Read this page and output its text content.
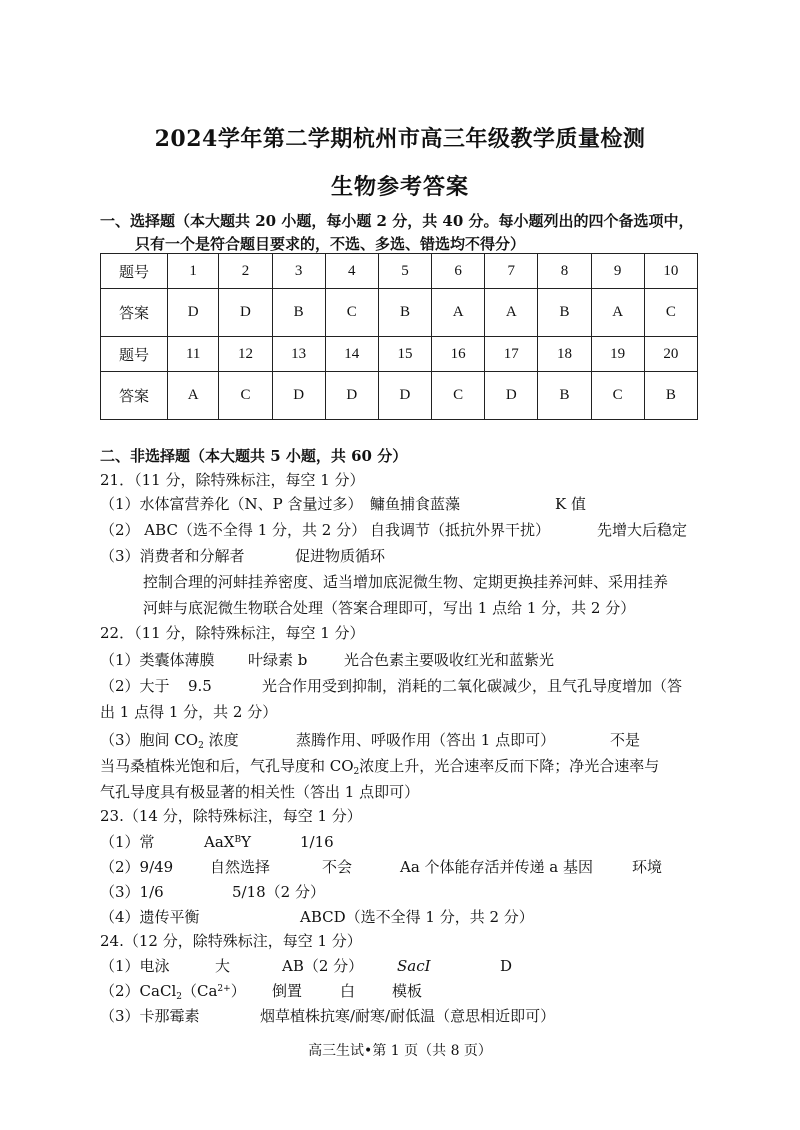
2024学年第二学期杭州市高三年级教学质量检测
生物参考答案
一、选择题（本大题共 20 小题，每小题 2 分，共 40 分。每小题列出的四个备选项中，
只有一个是符合题目要求的，不选、多选、错选均不得分）
题号	1	2	3	4	5	6	7	8	9	10
答案	D	D	B	C	B	A	A	B	A	C
题号	11	12	13	14	15	16	17	18	19	20
答案	A	C	D	D	D	C	D	B	C	B
二、非选择题（本大题共 5 小题，共 60 分）
21．（11 分，除特殊标注，每空 1 分）
（1）水体富营养化（N、P 含量过多） 鳙鱼捕食蓝藻	K 值
（2） ABC（选不全得 1 分，共 2 分） 自我调节（抵抗外界干扰）	先增大后稳定
（3）消费者和分解者	促进物质循环
控制合理的河蚌挂养密度、适当增加底泥微生物、定期更换挂养河蚌、采用挂养
河蚌与底泥微生物联合处理（答案合理即可，写出 1 点给 1 分，共 2 分）
22．（11 分，除特殊标注，每空 1 分）
（1）类囊体薄膜 叶绿素 b 光合色素主要吸收红光和蓝紫光
（2）大于 9.5	光合作用受到抑制，消耗的二氧化碳减少，且气孔导度增加（答
出 1 点得 1 分，共 2 分）
（3）胞间 $CO_2$ 浓度	蒸腾作用、呼吸作用（答出 1 点即可）	不是
当马桑植株光饱和后，气孔导度和 $CO_2$浓度上升，光合速率反而下降；净光合速率与
气孔导度具有极显著的相关性（答出 1 点即可）
23.（14 分，除特殊标注，每空 1 分）
（1）常	AaX$^B$Y	1/16
（2）9/49 自然选择	不会	Aa 个体能存活并传递 a 基因	环境
（3）1/6	5/18（2 分）
（4）遗传平衡	ABCD（选不全得 1 分，共 2 分）
24.（12 分，除特殊标注，每空 1 分）
（1）电泳	大	AB（2 分） SacI	D
$(2)CaCl_2(Ca^{2+})$ 倒置	白 模板
（3）卡那霉素	烟草植株抗寒/耐寒/耐低温（意思相近即可）
高三生试•第 1 页（共 8 页）
